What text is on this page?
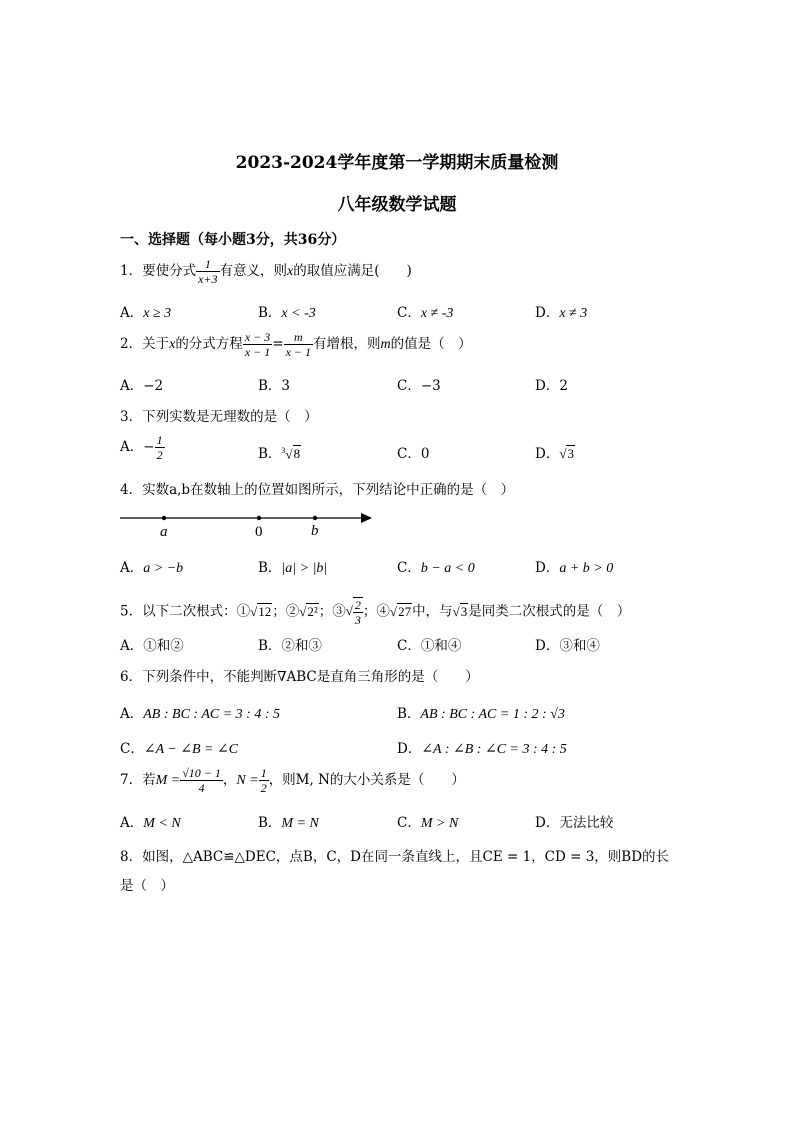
2023-2024学年度第一学期期末质量检测
八年级数学试题
一、选择题（每小题3分，共36分）
1．要使分式 $\frac{1}{x+3}$ 有意义，则x的取值应满足(　　)
A．x ≥ 3	B．x < -3	C．x ≠ -3	D．x ≠ 3
2．关于x的分式方程 $\frac{x - 3}{x - 1} = \frac{m}{x - 1}$ 有增根，则m的值是（　）
A．−2	B．3	C．−3	D．2
3．下列实数是无理数的是（　）
A．− $\frac{1}{2}$	B．$^3$√8	C．0	D．√3
4．实数a,b在数轴上的位置如图所示，下列结论中正确的是（　）
a	0	b
A．a > −b	B．|a| > |b|	C．b − a < 0	D．a + b > 0
5．以下二次根式：①√12；②√2²；③√ $\frac{2}{3}$ ；④√27中，与√3是同类二次根式的是（　）
A．①和②	B．②和③	C．①和④	D．③和④
6．下列条件中，不能判断∇ABC是直角三角形的是（　　）
A．AB : BC : AC = 3 : 4 : 5	B．AB : BC : AC = 1 : 2 : √3
C．∠A − ∠B = ∠C	D．∠A : ∠B : ∠C = 3 : 4 : 5
7．若$M = \frac{√10 - 1}{4}$ ，$N = \frac{1}{2}$ ，则M, N的大小关系是（　　）
A．M < N	B．M = N	C．M > N	D．无法比较
8．如图，△ABC≌△DEC，点B，C，D在同一条直线上，且CE = 1，CD = 3，则BD的长
是（　）
